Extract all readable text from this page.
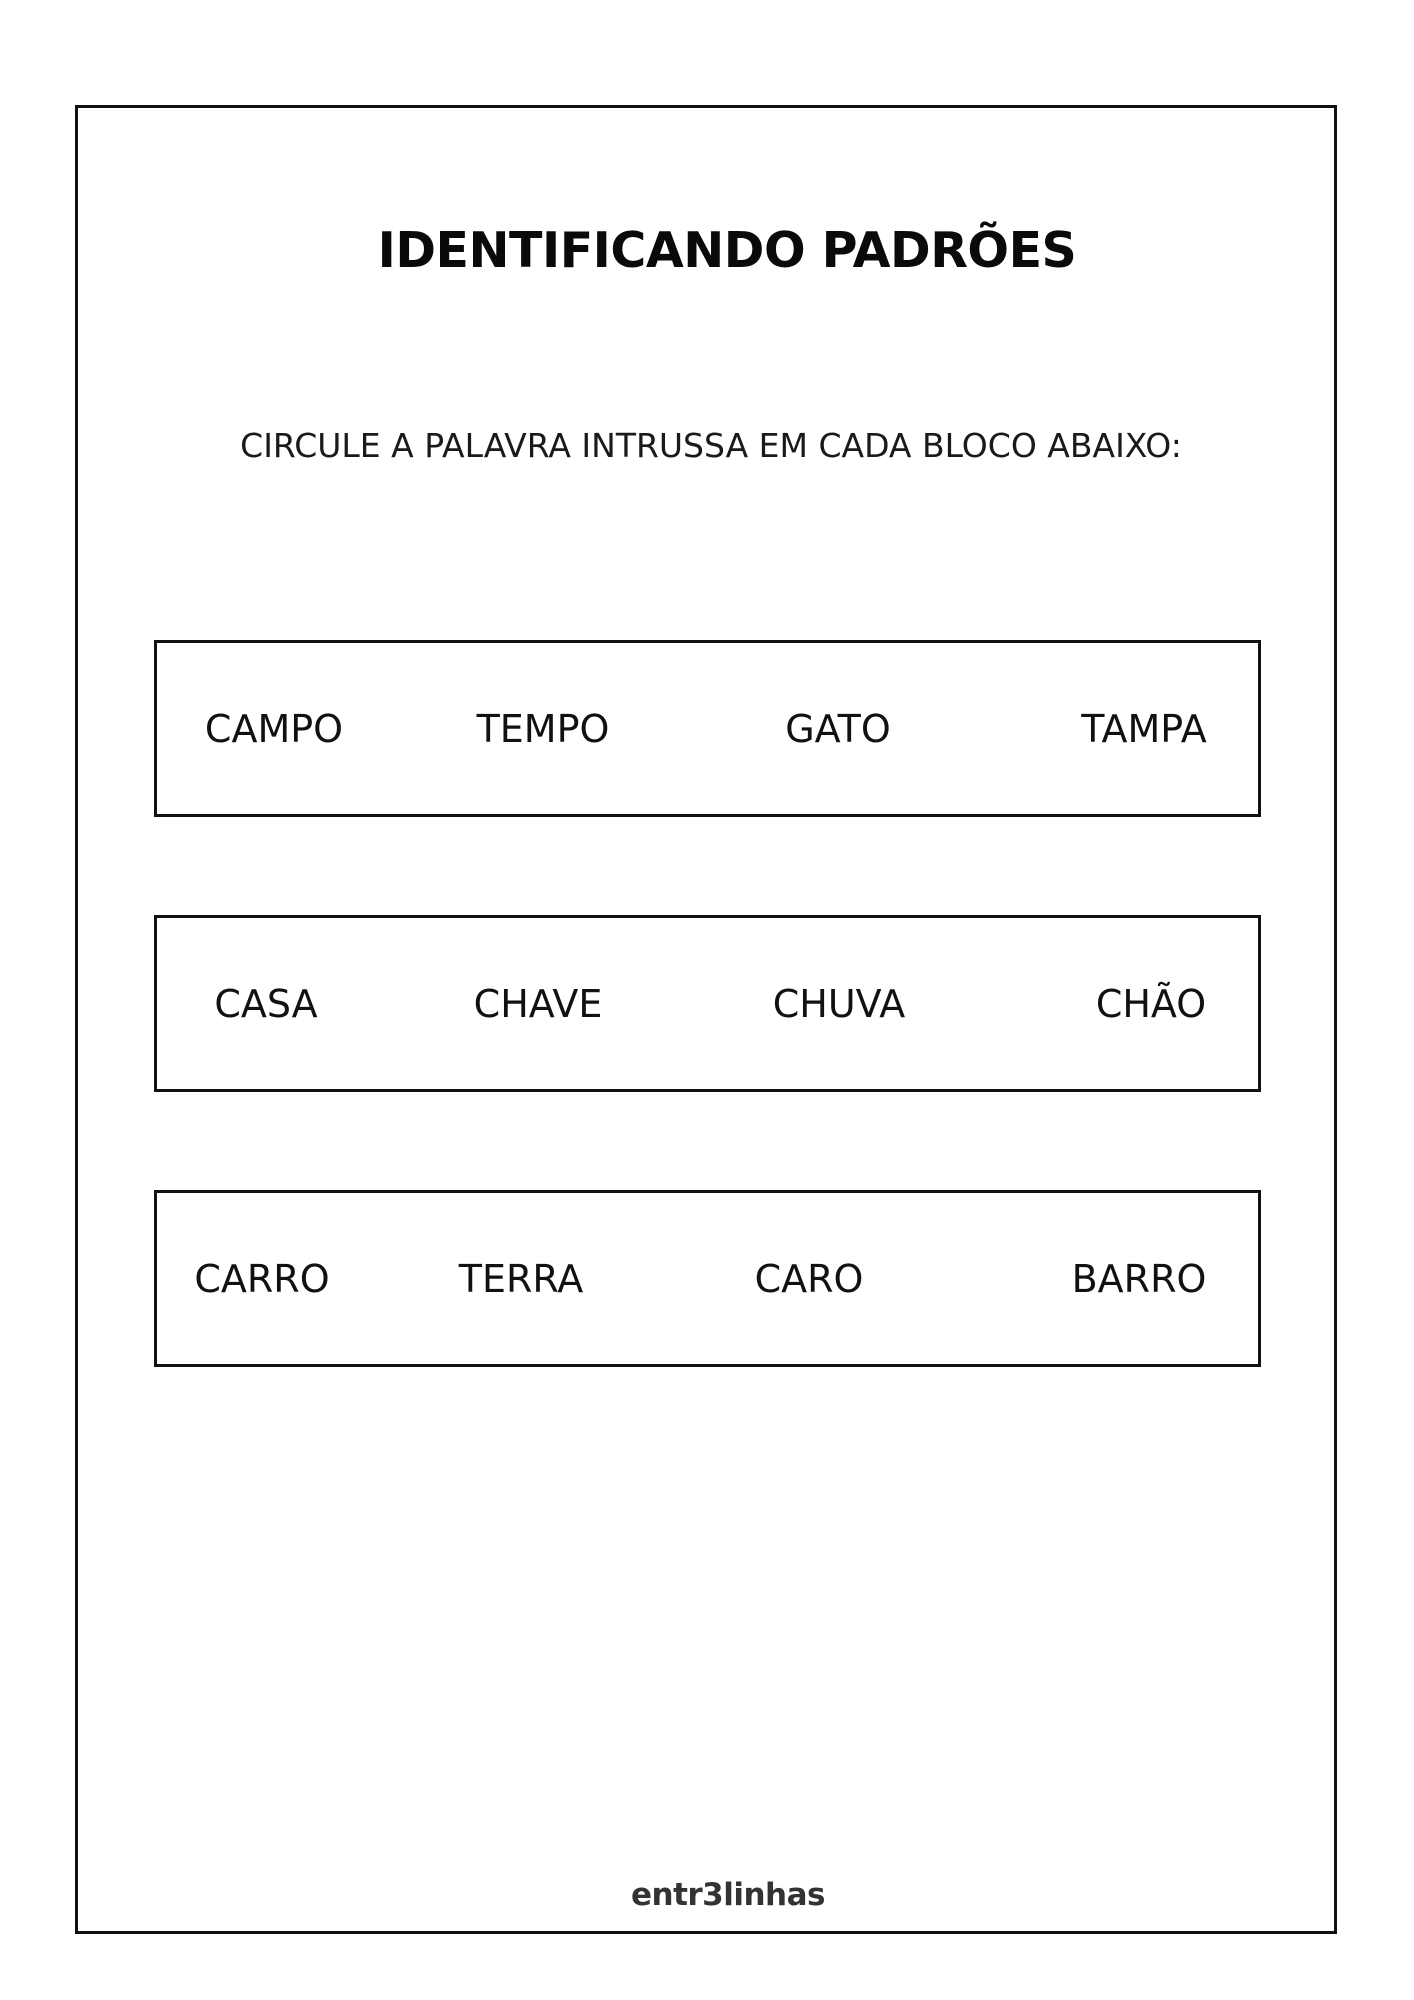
IDENTIFICANDO PADRÕES
CIRCULE A PALAVRA INTRUSSA EM CADA BLOCO ABAIXO:
CAMPO	TEMPO	GATO	TAMPA
CASA	CHAVE	CHUVA	CHÃO
CARRO	TERRA	CARO	BARRO
entr3linhas
